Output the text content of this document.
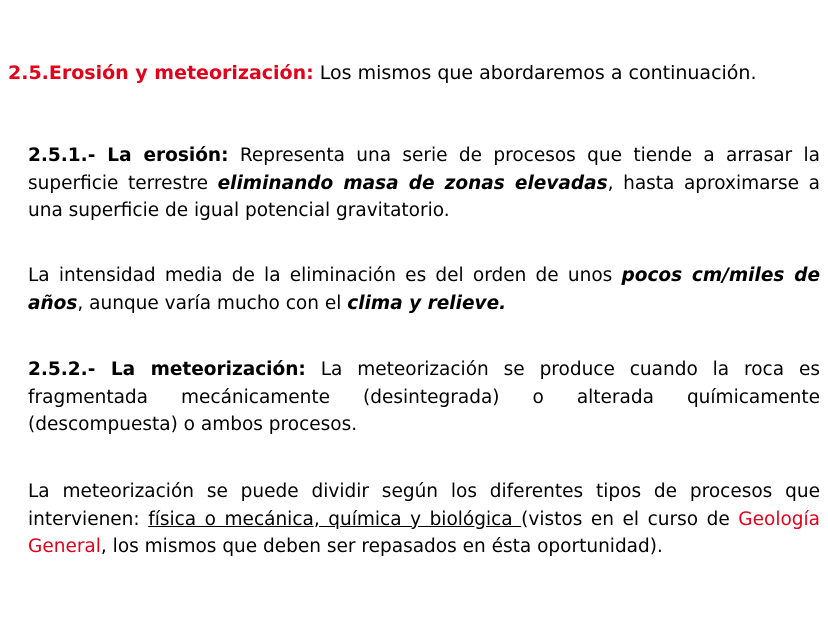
2.5.Erosión y meteorización: Los mismos que abordaremos a continuación.
2.5.1.- La erosión: Representa una serie de procesos que tiende a arrasar la superficie terrestre eliminando masa de zonas elevadas, hasta aproximarse a una superficie de igual potencial gravitatorio.
La intensidad media de la eliminación es del orden de unos pocos cm/miles de años, aunque varía mucho con el clima y relieve.
2.5.2.- La meteorización: La meteorización se produce cuando la roca es fragmentada mecánicamente (desintegrada) o alterada químicamente (descompuesta) o ambos procesos.
La meteorización se puede dividir según los diferentes tipos de procesos que intervienen: física o mecánica, química y biológica (vistos en el curso de Geología General, los mismos que deben ser repasados en ésta oportunidad).
